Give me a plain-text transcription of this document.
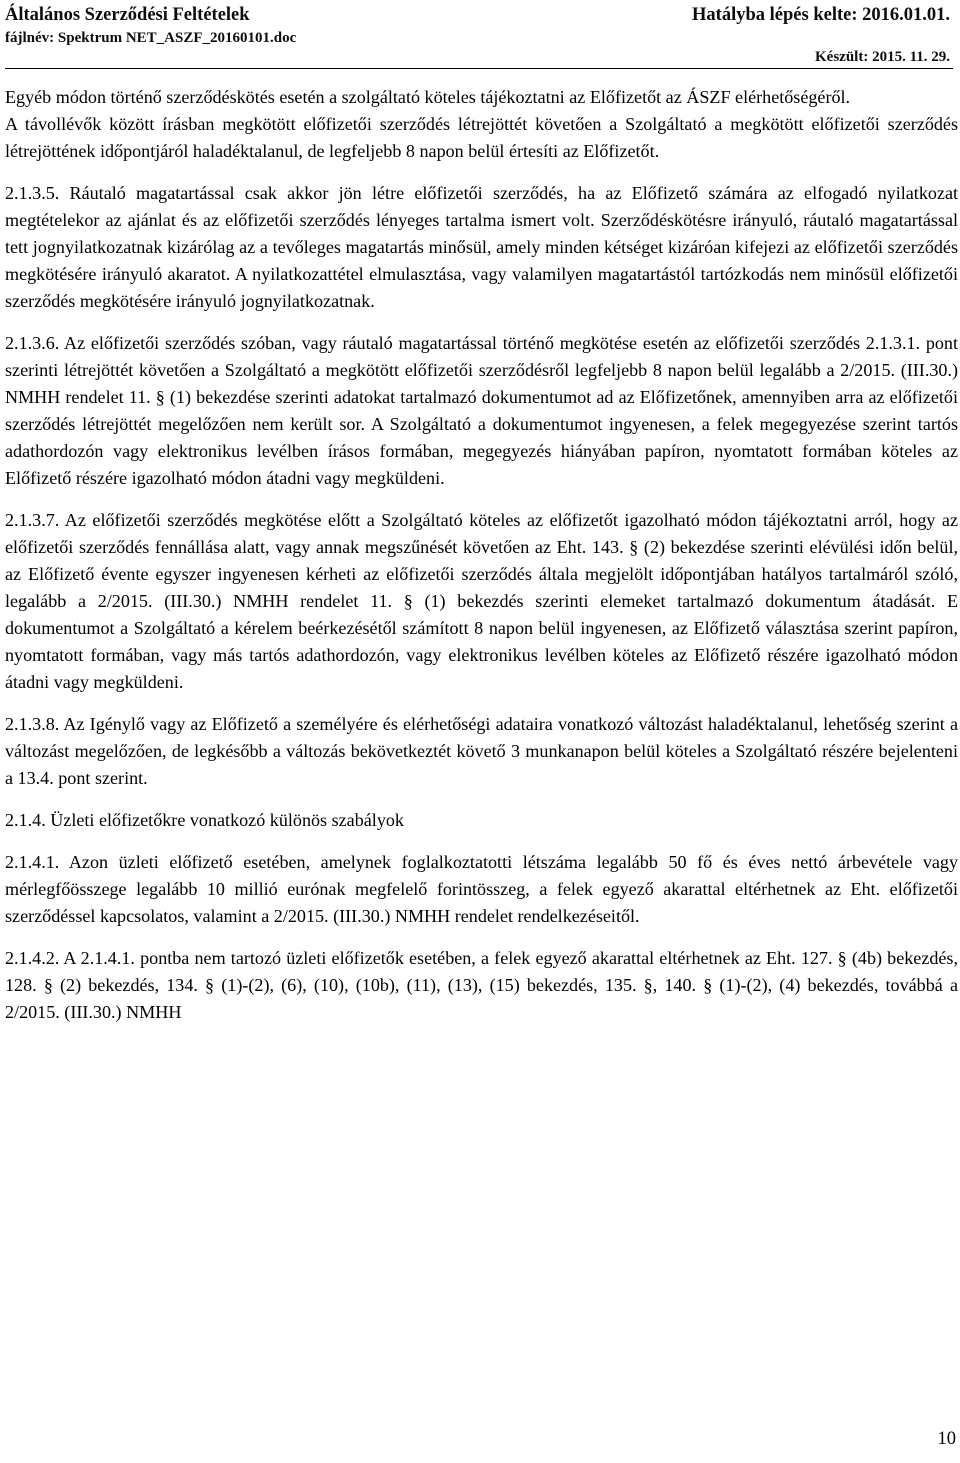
Általános Szerződési Feltételek	Hatályba lépés kelte: 2016.01.01.
fájlnév: Spektrum NET_ASZF_20160101.doc
Készült: 2015. 11. 29.

Egyéb módon történő szerződéskötés esetén a szolgáltató köteles tájékoztatni az Előfizetőt az ÁSZF elérhetőségéről.

A távollévők között írásban megkötött előfizetői szerződés létrejöttét követően a Szolgáltató a megkötött előfizetői szerződés létrejöttének időpontjáról haladéktalanul, de legfeljebb 8 napon belül értesíti az Előfizetőt.

2.1.3.5. Ráutaló magatartással csak akkor jön létre előfizetői szerződés, ha az Előfizető számára az elfogadó nyilatkozat megtételekor az ajánlat és az előfizetői szerződés lényeges tartalma ismert volt. Szerződéskötésre irányuló, ráutaló magatartással tett jognyilatkozatnak kizárólag az a tevőleges magatartás minősül, amely minden kétséget kizáróan kifejezi az előfizetői szerződés megkötésére irányuló akaratot. A nyilatkozattétel elmulasztása, vagy valamilyen magatartástól tartózkodás nem minősül előfizetői szerződés megkötésére irányuló jognyilatkozatnak.

2.1.3.6. Az előfizetői szerződés szóban, vagy ráutaló magatartással történő megkötése esetén az előfizetői szerződés 2.1.3.1. pont szerinti létrejöttét követően a Szolgáltató a megkötött előfizetői szerződésről legfeljebb 8 napon belül legalább a 2/2015. (III.30.) NMHH rendelet 11. § (1) bekezdése szerinti adatokat tartalmazó dokumentumot ad az Előfizetőnek, amennyiben arra az előfizetői szerződés létrejöttét megelőzően nem került sor. A Szolgáltató a dokumentumot ingyenesen, a felek megegyezése szerint tartós adathordozón vagy elektronikus levélben írásos formában, megegyezés hiányában papíron, nyomtatott formában köteles az Előfizető részére igazolható módon átadni vagy megküldeni.

2.1.3.7. Az előfizetői szerződés megkötése előtt a Szolgáltató köteles az előfizetőt igazolható módon tájékoztatni arról, hogy az előfizetői szerződés fennállása alatt, vagy annak megszűnését követően az Eht. 143. § (2) bekezdése szerinti elévülési időn belül, az Előfizető évente egyszer ingyenesen kérheti az előfizetői szerződés általa megjelölt időpontjában hatályos tartalmáról szóló, legalább a 2/2015. (III.30.) NMHH rendelet 11. § (1) bekezdés szerinti elemeket tartalmazó dokumentum átadását. E dokumentumot a Szolgáltató a kérelem beérkezésétől számított 8 napon belül ingyenesen, az Előfizető választása szerint papíron, nyomtatott formában, vagy más tartós adathordozón, vagy elektronikus levélben köteles az Előfizető részére igazolható módon átadni vagy megküldeni.

2.1.3.8. Az Igénylő vagy az Előfizető a személyére és elérhetőségi adataira vonatkozó változást haladéktalanul, lehetőség szerint a változást megelőzően, de legkésőbb a változás bekövetkeztét követő 3 munkanapon belül köteles a Szolgáltató részére bejelenteni a 13.4. pont szerint.

2.1.4. Üzleti előfizetőkre vonatkozó különös szabályok

2.1.4.1. Azon üzleti előfizető esetében, amelynek foglalkoztatotti létszáma legalább 50 fő és éves nettó árbevétele vagy mérlegfőösszege legalább 10 millió eurónak megfelelő forintösszeg, a felek egyező akarattal eltérhetnek az Eht. előfizetői szerződéssel kapcsolatos, valamint a 2/2015. (III.30.) NMHH rendelet rendelkezéseitől.

2.1.4.2. A 2.1.4.1. pontba nem tartozó üzleti előfizetők esetében, a felek egyező akarattal eltérhetnek az Eht. 127. § (4b) bekezdés, 128. § (2) bekezdés, 134. § (1)-(2), (6), (10), (10b), (11), (13), (15) bekezdés, 135. §, 140. § (1)-(2), (4) bekezdés, továbbá a 2/2015. (III.30.) NMHH

10
